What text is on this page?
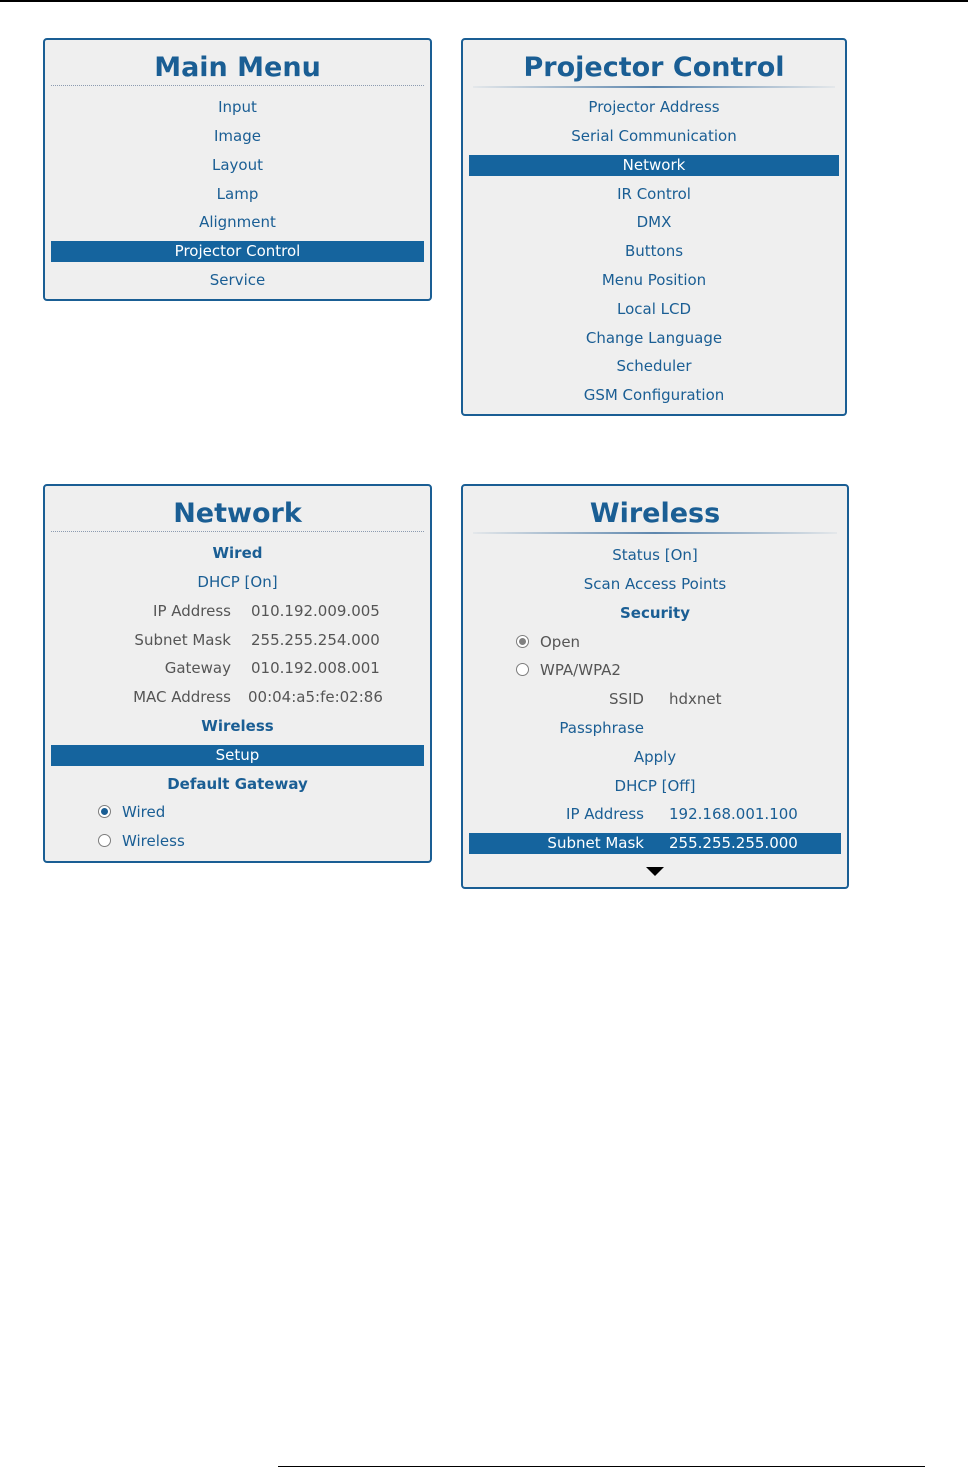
Main Menu
Input
Image
Layout
Lamp
Alignment
Projector Control
Service
Projector Control
Projector Address
Serial Communication
Network
IR Control
DMX
Buttons
Menu Position
Local LCD
Change Language
Scheduler
GSM Configuration
Network
Wired
DHCP [On]
IP Address 010.192.009.005
Subnet Mask 255.255.254.000
Gateway 010.192.008.001
MAC Address 00:04:a5:fe:02:86
Wireless
Setup
Default Gateway
Wired
Wireless
Wireless
Status [On]
Scan Access Points
Security
Open
WPA/WPA2
SSID hdxnet
Passphrase
Apply
DHCP [Off]
IP Address 192.168.001.100
Subnet Mask 255.255.255.000
